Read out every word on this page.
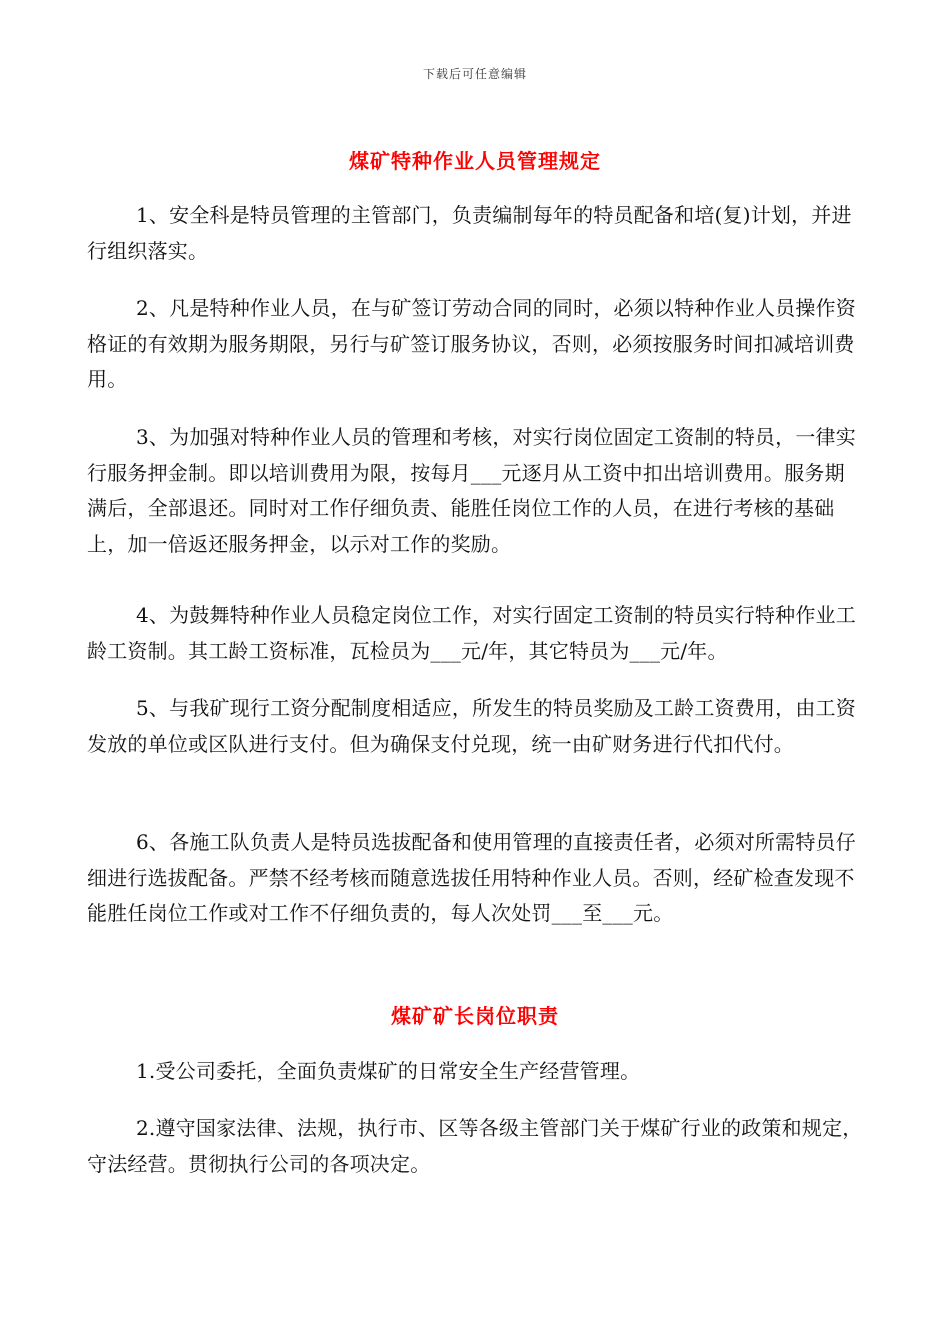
下载后可任意编辑
煤矿特种作业人员管理规定

1、安全科是特员管理的主管部门，负责编制每年的特员配备和培(复)计划，并进行组织落实。

2、凡是特种作业人员，在与矿签订劳动合同的同时，必须以特种作业人员操作资格证的有效期为服务期限，另行与矿签订服务协议，否则，必须按服务时间扣减培训费用。

3、为加强对特种作业人员的管理和考核，对实行岗位固定工资制的特员，一律实行服务押金制。即以培训费用为限，按每月___元逐月从工资中扣出培训费用。服务期满后，全部退还。同时对工作仔细负责、能胜任岗位工作的人员，在进行考核的基础上，加一倍返还服务押金，以示对工作的奖励。

4、为鼓舞特种作业人员稳定岗位工作，对实行固定工资制的特员实行特种作业工龄工资制。其工龄工资标准，瓦检员为___元/年，其它特员为___元/年。

5、与我矿现行工资分配制度相适应，所发生的特员奖励及工龄工资费用，由工资发放的单位或区队进行支付。但为确保支付兑现，统一由矿财务进行代扣代付。

6、各施工队负责人是特员选拔配备和使用管理的直接责任者，必须对所需特员仔细进行选拔配备。严禁不经考核而随意选拔任用特种作业人员。否则，经矿检查发现不能胜任岗位工作或对工作不仔细负责的，每人次处罚___至___元。

煤矿矿长岗位职责

1.受公司委托，全面负责煤矿的日常安全生产经营管理。

2.遵守国家法律、法规，执行市、区等各级主管部门关于煤矿行业的政策和规定，守法经营。贯彻执行公司的各项决定。
